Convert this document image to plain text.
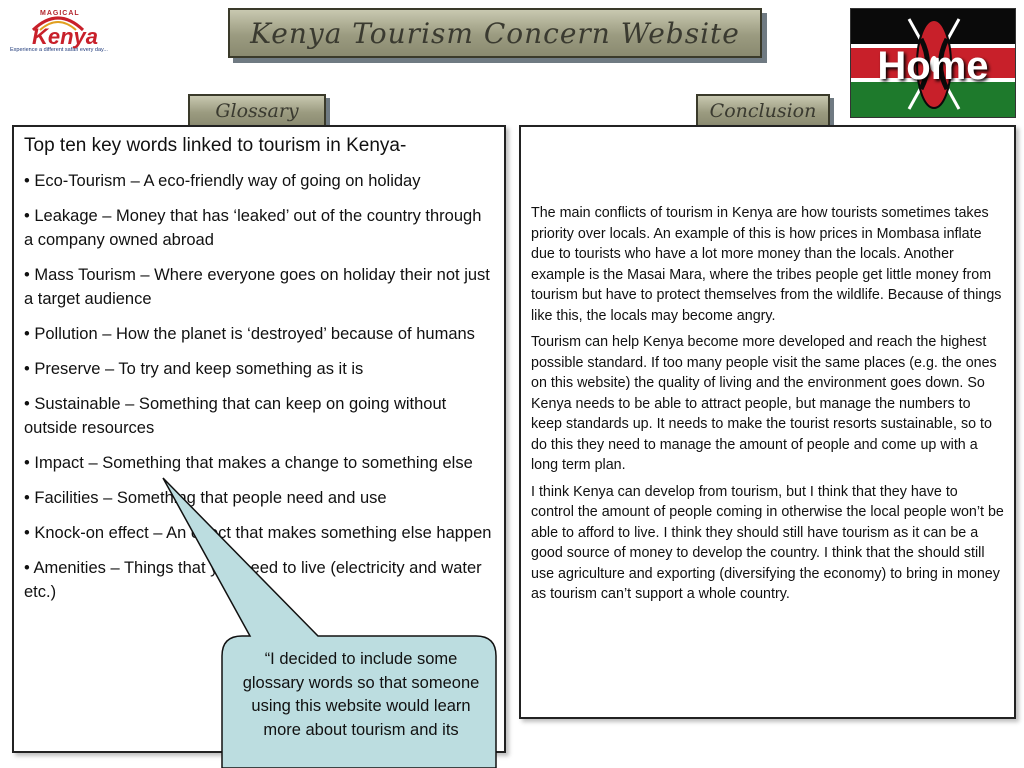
MAGICAL
Kenya
Experience a different safari every day...
Kenya Tourism Concern Website
Home
Glossary	Conclusion
Top ten key words linked to tourism in Kenya-

• Eco-Tourism – A eco-friendly way of going on holiday

• Leakage – Money that has ‘leaked’ out of the country through a company owned abroad

• Mass Tourism – Where everyone goes on holiday their not just a target audience

• Pollution – How the planet is ‘destroyed’ because of humans

• Preserve – To try and keep something as it is

• Sustainable – Something that can keep on going without outside resources

• Impact – Something that makes a change to something else

• Facilities – Something that people need and use

• Knock-on effect – An effect that makes something else happen

• Amenities – Things that you need to live (electricity and water etc.)

The main conflicts of tourism in Kenya are how tourists sometimes takes priority over locals. An example of this is how prices in Mombasa inflate due to tourists who have a lot more money than the locals. Another example is the Masai Mara, where the tribes people get little money from tourism but have to protect themselves from the wildlife. Because of things like this, the locals may become angry.

Tourism can help Kenya become more developed and reach the highest possible standard. If too many people visit the same places (e.g. the ones on this website) the quality of living and the environment goes down. So Kenya needs to be able to attract people, but manage the numbers to keep standards up. It needs to make the tourist resorts sustainable, so to do this they need to manage the amount of people and come up with a long term plan.

I think Kenya can develop from tourism, but I think that they have to control the amount of people coming in otherwise the local people won’t be able to afford to live. I think they should still have tourism as it can be a good source of money to develop the country. I think that the should still use agriculture and exporting (diversifying the economy) to bring in money as tourism can’t support a whole country.

“I decided to include some glossary words so that someone using this website would learn more about tourism and its
